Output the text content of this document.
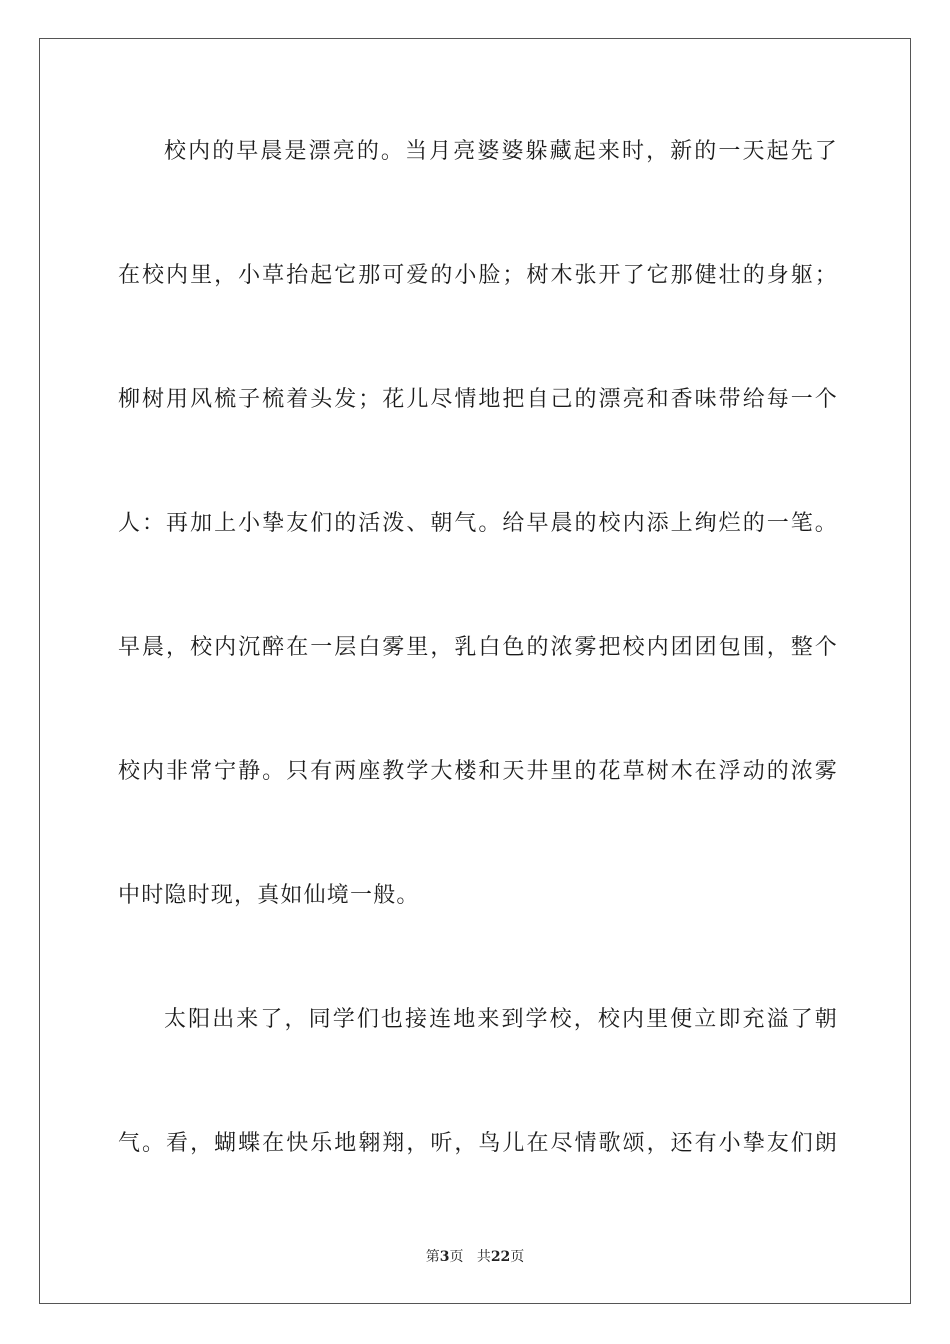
校内的早晨是漂亮的。当月亮婆婆躲藏起来时，新的一天起先了
在校内里，小草抬起它那可爱的小脸；树木张开了它那健壮的身躯；
柳树用风梳子梳着头发；花儿尽情地把自己的漂亮和香味带给每一个
人：再加上小挚友们的活泼、朝气。给早晨的校内添上绚烂的一笔。
早晨，校内沉醉在一层白雾里，乳白色的浓雾把校内团团包围，整个
校内非常宁静。只有两座教学大楼和天井里的花草树木在浮动的浓雾
中时隐时现，真如仙境一般。
太阳出来了，同学们也接连地来到学校，校内里便立即充溢了朝
气。看，蝴蝶在快乐地翱翔，听，鸟儿在尽情歌颂，还有小挚友们朗
第3页 共22页
